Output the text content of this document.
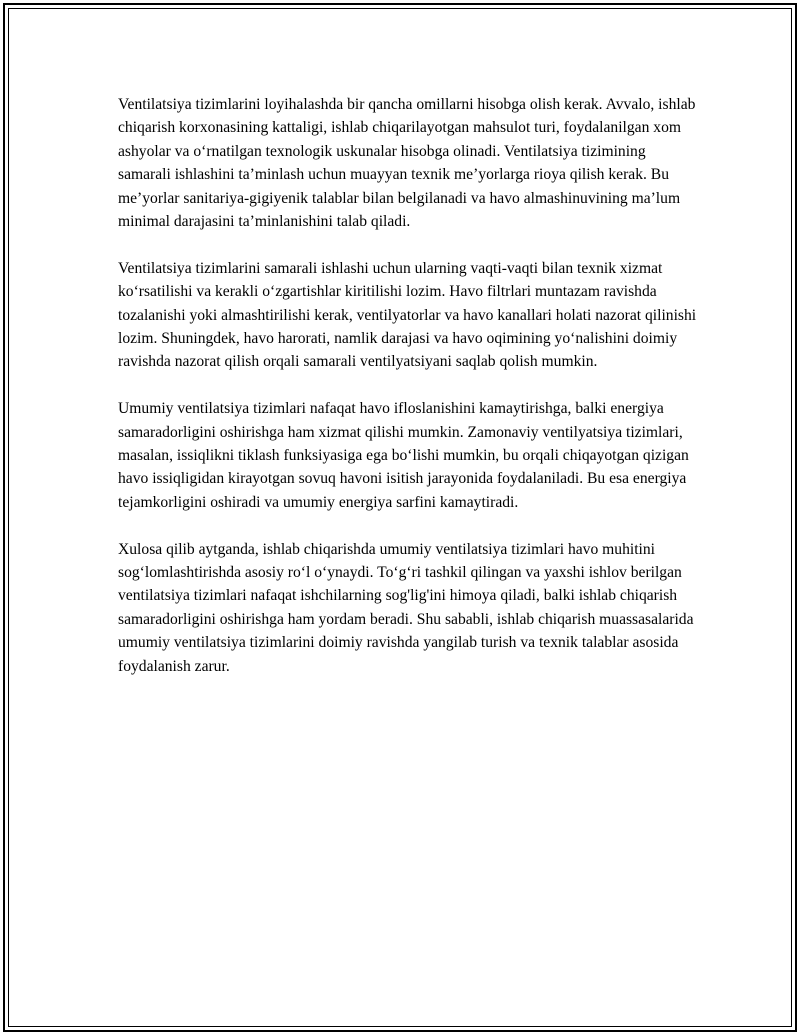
Ventilatsiya tizimlarini loyihalashda bir qancha omillarni hisobga olish kerak. Avvalo, ishlab chiqarish korxonasining kattaligi, ishlab chiqarilayotgan mahsulot turi, foydalanilgan xom ashyolar va o‘rnatilgan texnologik uskunalar hisobga olinadi. Ventilatsiya tizimining samarali ishlashini ta’minlash uchun muayyan texnik me’yorlarga rioya qilish kerak. Bu me’yorlar sanitariya-gigiyenik talablar bilan belgilanadi va havo almashinuvining ma’lum minimal darajasini ta’minlanishini talab qiladi.

Ventilatsiya tizimlarini samarali ishlashi uchun ularning vaqti-vaqti bilan texnik xizmat ko‘rsatilishi va kerakli o‘zgartishlar kiritilishi lozim. Havo filtrlari muntazam ravishda tozalanishi yoki almashtirilishi kerak, ventilyatorlar va havo kanallari holati nazorat qilinishi lozim. Shuningdek, havo harorati, namlik darajasi va havo oqimining yo‘nalishini doimiy ravishda nazorat qilish orqali samarali ventilyatsiyani saqlab qolish mumkin.

Umumiy ventilatsiya tizimlari nafaqat havo ifloslanishini kamaytirishga, balki energiya samaradorligini oshirishga ham xizmat qilishi mumkin. Zamonaviy ventilyatsiya tizimlari, masalan, issiqlikni tiklash funksiyasiga ega bo‘lishi mumkin, bu orqali chiqayotgan qizigan havo issiqligidan kirayotgan sovuq havoni isitish jarayonida foydalaniladi. Bu esa energiya tejamkorligini oshiradi va umumiy energiya sarfini kamaytiradi.

Xulosa qilib aytganda, ishlab chiqarishda umumiy ventilatsiya tizimlari havo muhitini sog‘lomlashtirishda asosiy ro‘l o‘ynaydi. To‘g‘ri tashkil qilingan va yaxshi ishlov berilgan ventilatsiya tizimlari nafaqat ishchilarning sog'lig'ini himoya qiladi, balki ishlab chiqarish samaradorligini oshirishga ham yordam beradi. Shu sababli, ishlab chiqarish muassasalarida umumiy ventilatsiya tizimlarini doimiy ravishda yangilab turish va texnik talablar asosida foydalanish zarur.
